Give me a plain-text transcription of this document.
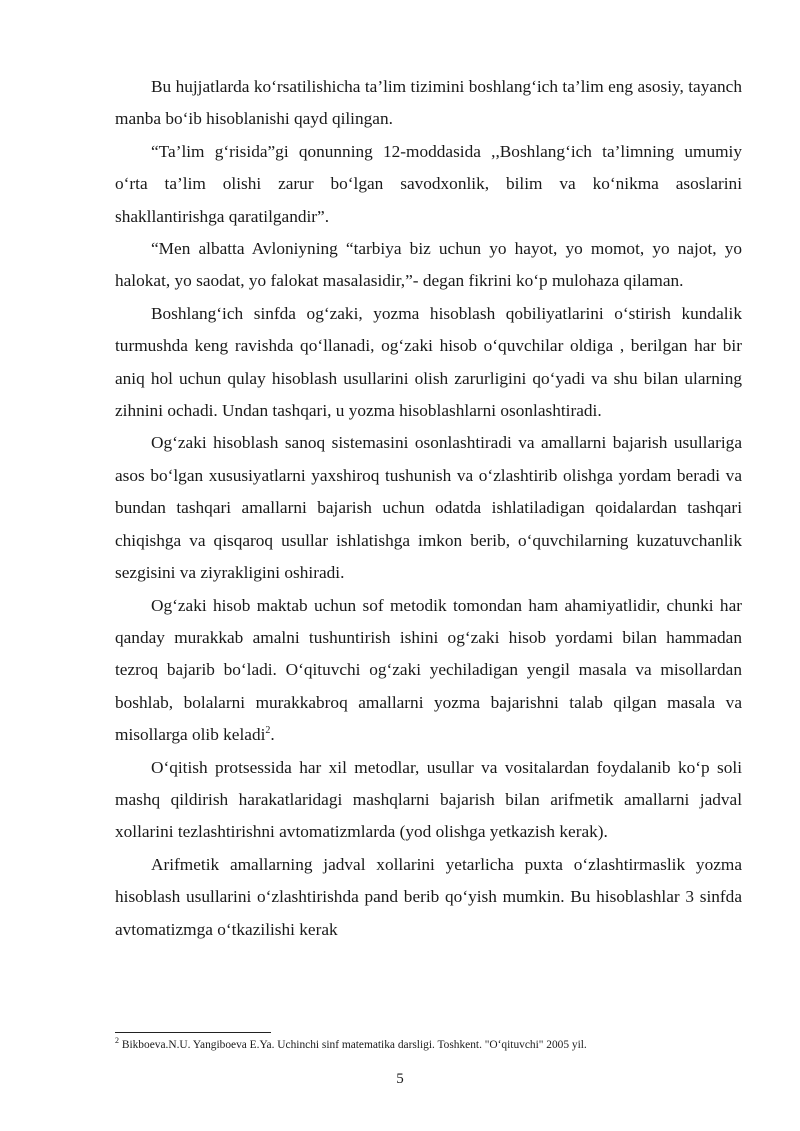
Bu hujjatlarda ko‘rsatilishicha ta’lim tizimini boshlang‘ich ta’lim eng asosiy, tayanch manba bo‘ib hisoblanishi qayd qilingan.

“Ta’lim g‘risida”gi qonunning 12-moddasida ,,Boshlang‘ich ta’limning umumiy o‘rta ta’lim olishi zarur bo‘lgan savodxonlik, bilim va ko‘nikma asoslarini shakllantirishga qaratilgandir”.

“Men albatta Avloniyning “tarbiya biz uchun yo hayot, yo momot, yo najot, yo halokat, yo saodat, yo falokat masalasidir,”- degan fikrini ko‘p mulohaza qilaman.

Boshlang‘ich sinfda og‘zaki, yozma hisoblash qobiliyatlarini o‘stirish kundalik turmushda keng ravishda qo‘llanadi, og‘zaki hisob o‘quvchilar oldiga , berilgan har bir aniq hol uchun qulay hisoblash usullarini olish zarurligini qo‘yadi va shu bilan ularning zihnini ochadi. Undan tashqari, u yozma hisoblashlarni osonlashtiradi.

Og‘zaki hisoblash sanoq sistemasini osonlashtiradi va amallarni bajarish usullariga asos bo‘lgan xususiyatlarni yaxshiroq tushunish va o‘zlashtirib olishga yordam beradi va bundan tashqari amallarni bajarish uchun odatda ishlatiladigan qoidalardan tashqari chiqishga va qisqaroq usullar ishlatishga imkon berib, o‘quvchilarning kuzatuvchanlik sezgisini va ziyrakligini oshiradi.

Og‘zaki hisob maktab uchun sof metodik tomondan ham ahamiyatlidir, chunki har qanday murakkab amalni tushuntirish ishini og‘zaki hisob yordami bilan hammadan tezroq bajarib bo‘ladi. O‘qituvchi og‘zaki yechiladigan yengil masala va misollardan boshlab, bolalarni murakkabroq amallarni yozma bajarishni talab qilgan masala va misollarga olib keladi$^2$.

O‘qitish protsessida har xil metodlar, usullar va vositalardan foydalanib ko‘p soli mashq qildirish harakatlaridagi mashqlarni bajarish bilan arifmetik amallarni jadval xollarini tezlashtirishni avtomatizmlarda (yod olishga yetkazish kerak).

Arifmetik amallarning jadval xollarini yetarlicha puxta o‘zlashtirmaslik yozma hisoblash usullarini o‘zlashtirishda pand berib qo‘yish mumkin. Bu hisoblashlar 3 sinfda avtomatizmga o‘tkazilishi kerak

$^2$ Bikboeva.N.U. Yangiboeva E.Ya. Uchinchi sinf matematika darsligi. Toshkent. "O‘qituvchi" 2005 yil.
5
